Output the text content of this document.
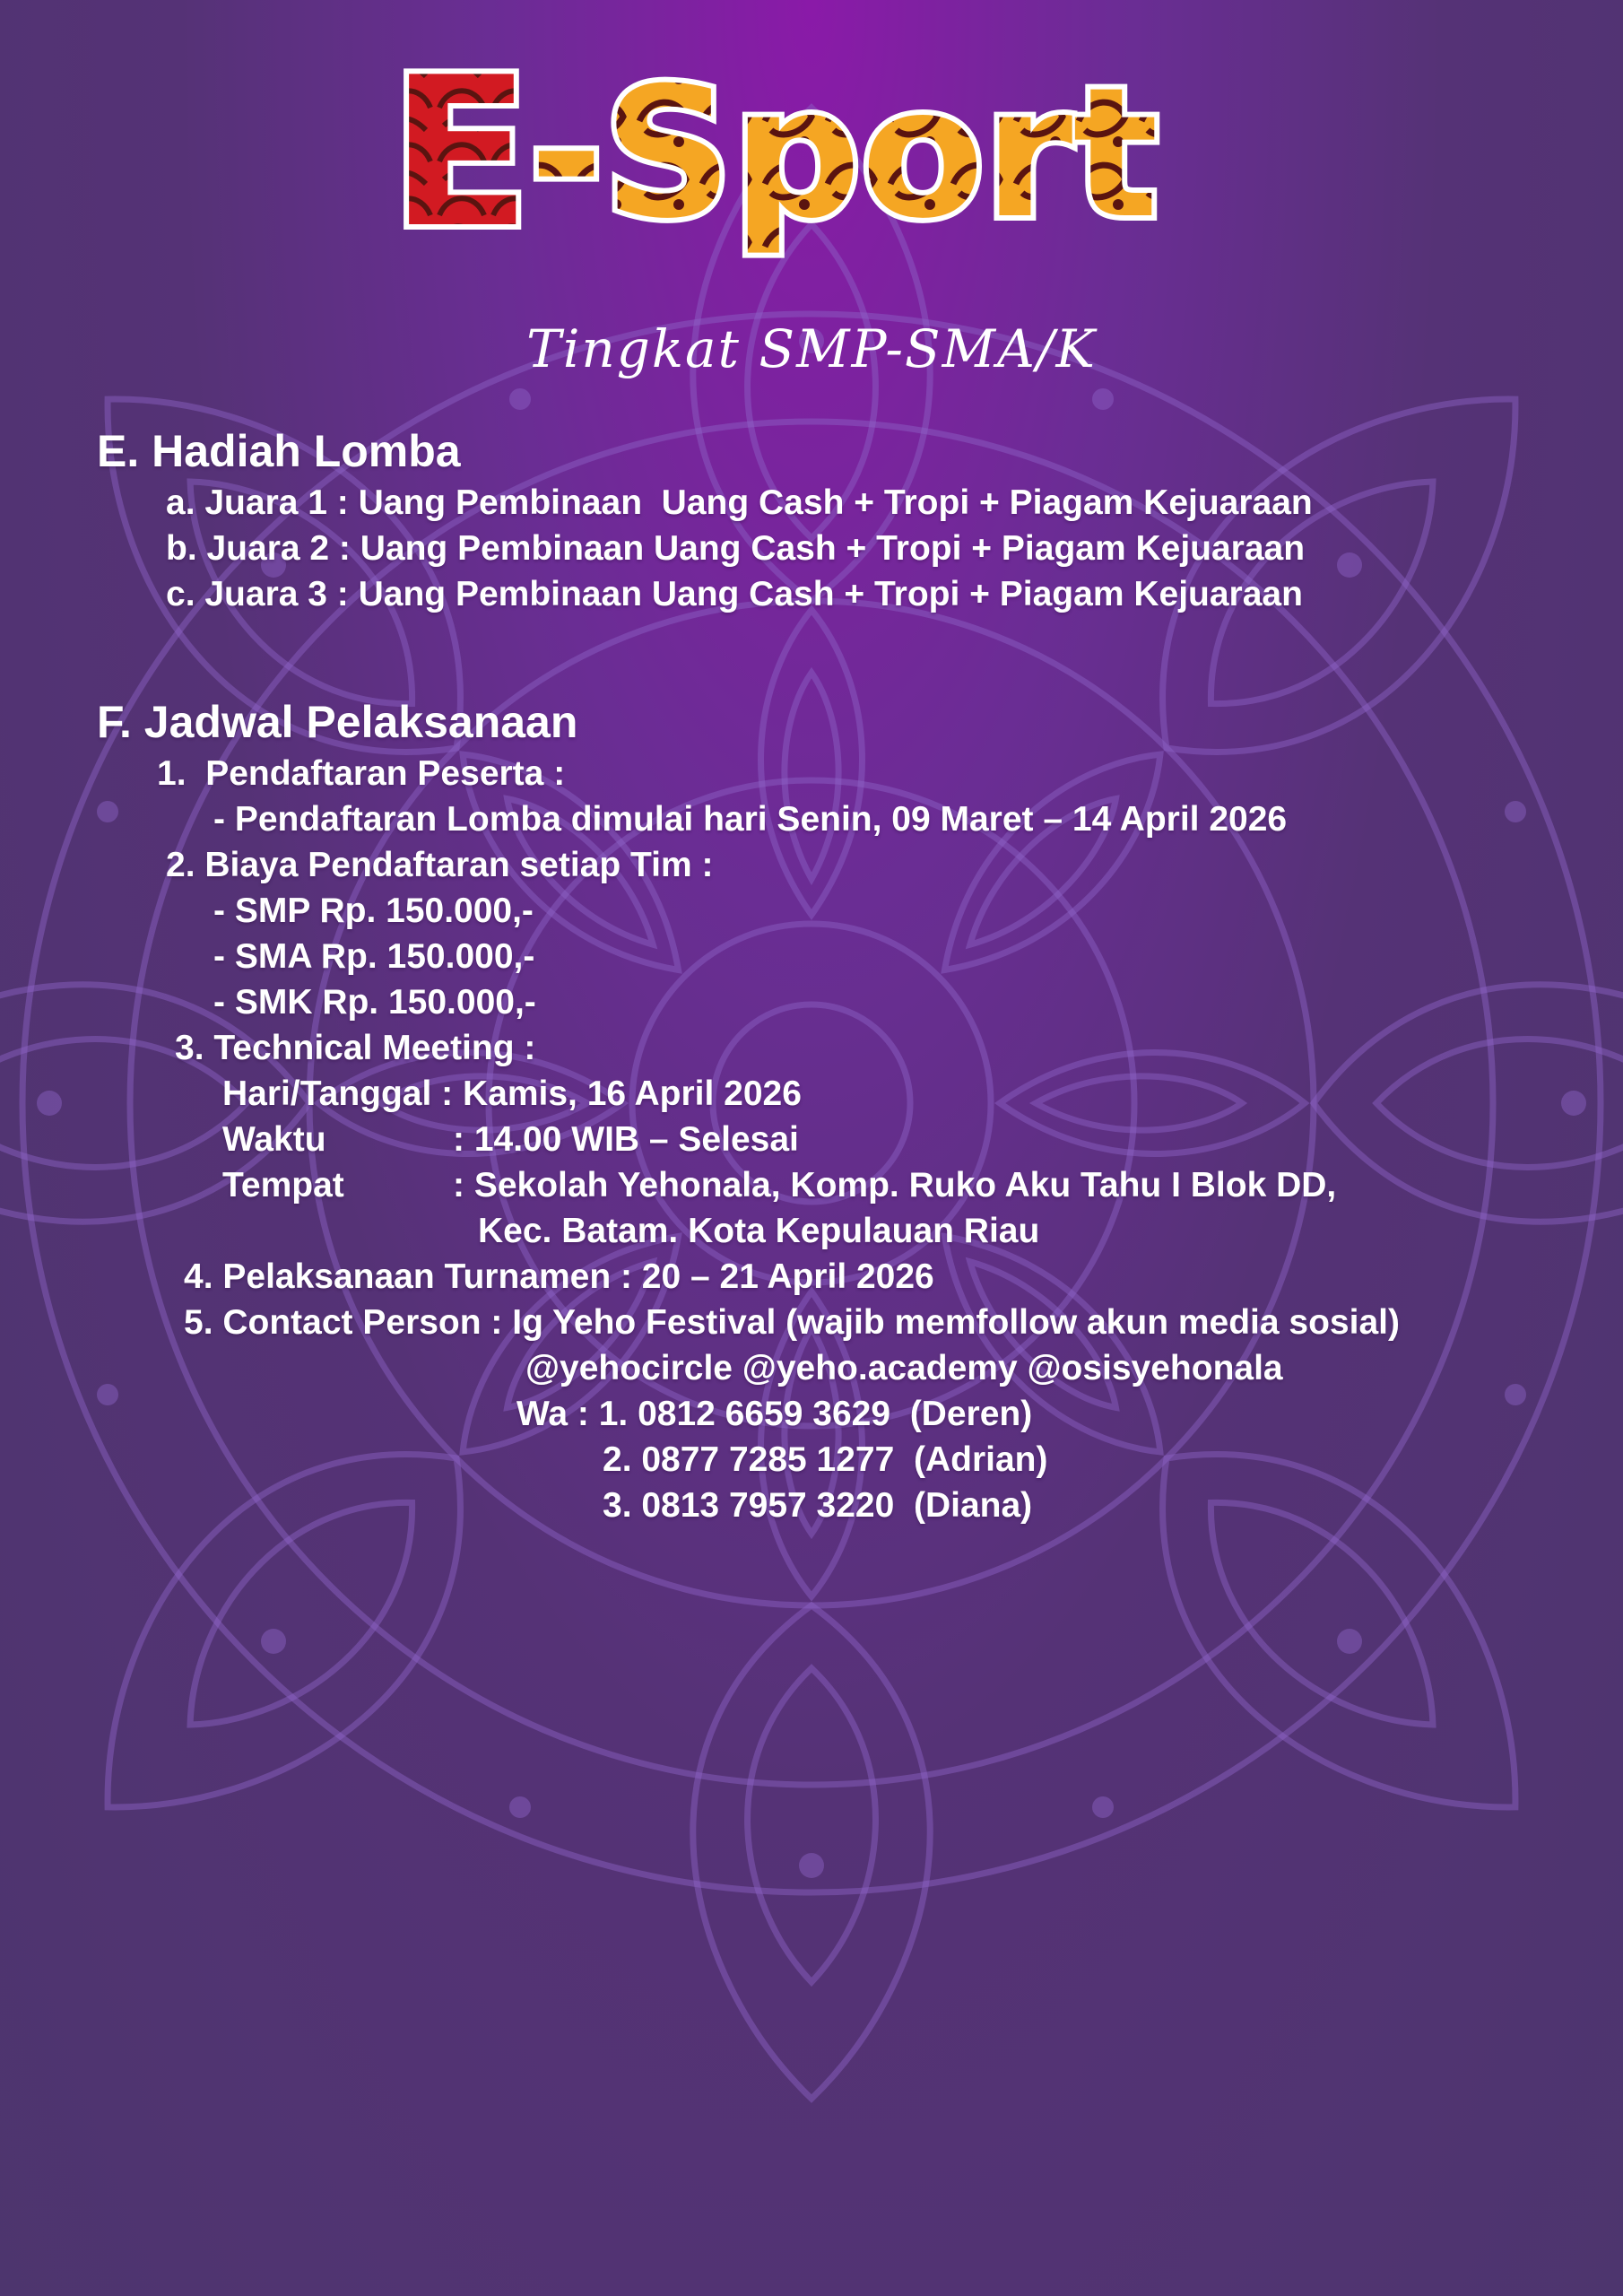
E
-Sport
Tingkat SMP-SMA/K
E. Hadiah Lomba
a. Juara 1 : Uang Pembinaan  Uang Cash + Tropi + Piagam Kejuaraan
b. Juara 2 : Uang Pembinaan Uang Cash + Tropi + Piagam Kejuaraan
c. Juara 3 : Uang Pembinaan Uang Cash + Tropi + Piagam Kejuaraan
F. Jadwal Pelaksanaan
1.  Pendaftaran Peserta :
- Pendaftaran Lomba dimulai hari Senin, 09 Maret – 14 April 2026
2. Biaya Pendaftaran setiap Tim :
- SMP Rp. 150.000,-
- SMA Rp. 150.000,-
- SMK Rp. 150.000,-
3. Technical Meeting :
Hari/Tanggal : Kamis, 16 April 2026
Waktu	: 14.00 WIB – Selesai
Tempat	: Sekolah Yehonala, Komp. Ruko Aku Tahu I Blok DD,
Kec. Batam. Kota Kepulauan Riau
4. Pelaksanaan Turnamen : 20 – 21 April 2026
5. Contact Person : Ig Yeho Festival (wajib memfollow akun media sosial)
@yehocircle @yeho.academy @osisyehonala
Wa : 1. 0812 6659 3629  (Deren)
2. 0877 7285 1277  (Adrian)
3. 0813 7957 3220  (Diana)
